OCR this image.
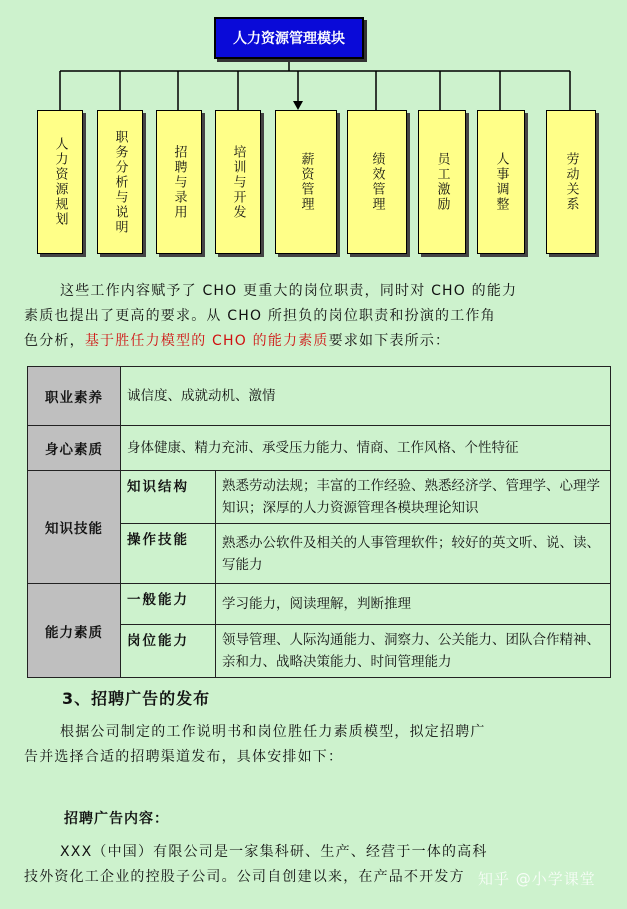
人力资源管理模块
人力资源规划	职务分析与说明	招聘与录用	培训与开发	薪资管理	绩效管理	员工激励	人事调整	劳动关系
这些工作内容赋予了 CHO 更重大的岗位职责，同时对 CHO 的能力
素质也提出了更高的要求。从 CHO 所担负的岗位职责和扮演的工作角
色分析，基于胜任力模型的 CHO 的能力素质要求如下表所示：
职业素养	诚信度、成就动机、激情	
身心素质	身体健康、精力充沛、承受压力能力、情商、工作风格、个性特征	
知识技能	知识结构	熟悉劳动法规；丰富的工作经验、熟悉经济学、管理学、心理学知识；深厚的人力资源管理各模块理论知识
	操作技能	熟悉办公软件及相关的人事管理软件；较好的英文听、说、读、写能力
能力素质	一般能力	学习能力，阅读理解，判断推理
	岗位能力	领导管理、人际沟通能力、洞察力、公关能力、团队合作精神、亲和力、战略决策能力、时间管理能力
3、招聘广告的发布
根据公司制定的工作说明书和岗位胜任力素质模型，拟定招聘广
告并选择合适的招聘渠道发布，具体安排如下：
招聘广告内容：
XXX（中国）有限公司是一家集科研、生产、经营于一体的高科
技外资化工企业的控股子公司。公司自创建以来，在产品不开发方 知乎 @小学课堂
